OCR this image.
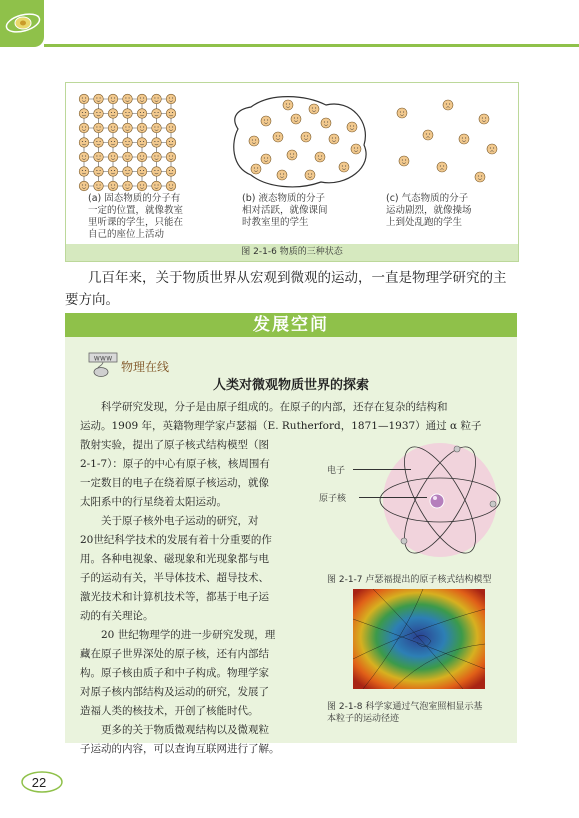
(a) 固态物质的分子有
一定的位置，就像教室
里听课的学生，只能在
自己的座位上活动
(b) 液态物质的分子
相对活跃，就像课间
时教室里的学生
(c) 气态物质的分子
运动剧烈，就像操场
上到处乱跑的学生
图 2-1-6 物质的三种状态
几百年来，关于物质世界从宏观到微观的运动，一直是物理学研究的主
要方向。
发展空间
www
物理在线
人类对微观物质世界的探索
科学研究发现，分子是由原子组成的。在原子的内部，还存在复杂的结构和
运动。1909 年，英籍物理学家卢瑟福（E. Rutherford，1871—1937）通过 α 粒子
散射实验，提出了原子核式结构模型（图
2-1-7）：原子的中心有原子核，核周围有
一定数目的电子在绕着原子核运动，就像
太阳系中的行星绕着太阳运动。
关于原子核外电子运动的研究，对
20世纪科学技术的发展有着十分重要的作
用。各种电视象、磁现象和光现象都与电
子的运动有关，半导体技术、超导技术、
激光技术和计算机技术等，都基于电子运
动的有关理论。
20 世纪物理学的进一步研究发现，理
藏在原子世界深处的原子核，还有内部结
构。原子核由质子和中子构成。物理学家
对原子核内部结构及运动的研究，发展了
造福人类的核技术，开创了核能时代。
更多的关于物质微观结构以及微观粒
子运动的内容，可以查询互联网进行了解。
电子
原子核
图 2-1-7 卢瑟福提出的原子核式结构模型
图 2-1-8 科学家通过气泡室照相显示基
本粒子的运动径迹
22
